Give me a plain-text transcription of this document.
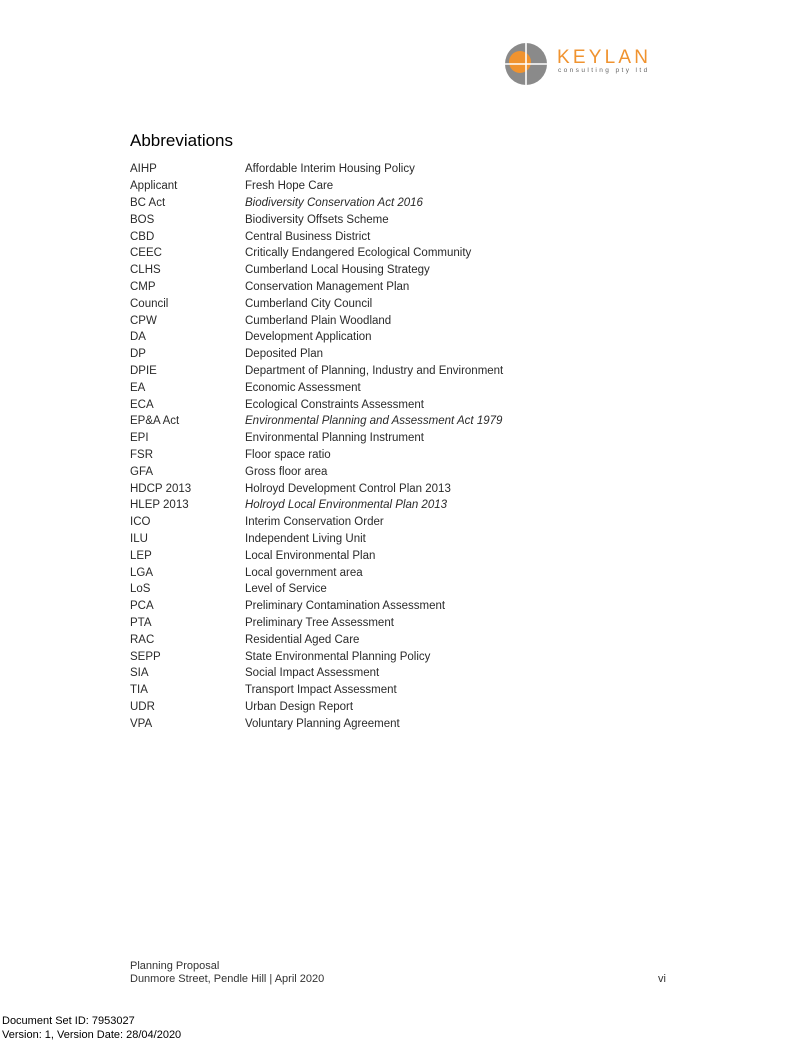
KEYLAN
consulting pty ltd
Abbreviations
AIHP	Affordable Interim Housing Policy
Applicant	Fresh Hope Care
BC Act	Biodiversity Conservation Act 2016
BOS	Biodiversity Offsets Scheme
CBD	Central Business District
CEEC	Critically Endangered Ecological Community
CLHS	Cumberland Local Housing Strategy
CMP	Conservation Management Plan
Council	Cumberland City Council
CPW	Cumberland Plain Woodland
DA	Development Application
DP	Deposited Plan
DPIE	Department of Planning, Industry and Environment
EA	Economic Assessment
ECA	Ecological Constraints Assessment
EP&A Act	Environmental Planning and Assessment Act 1979
EPI	Environmental Planning Instrument
FSR	Floor space ratio
GFA	Gross floor area
HDCP 2013	Holroyd Development Control Plan 2013
HLEP 2013	Holroyd Local Environmental Plan 2013
ICO	Interim Conservation Order
ILU	Independent Living Unit
LEP	Local Environmental Plan
LGA	Local government area
LoS	Level of Service
PCA	Preliminary Contamination Assessment
PTA	Preliminary Tree Assessment
RAC	Residential Aged Care
SEPP	State Environmental Planning Policy
SIA	Social Impact Assessment
TIA	Transport Impact Assessment
UDR	Urban Design Report
VPA	Voluntary Planning Agreement
Planning Proposal
Dunmore Street, Pendle Hill | April 2020	vi
Document Set ID: 7953027
Version: 1, Version Date: 28/04/2020
